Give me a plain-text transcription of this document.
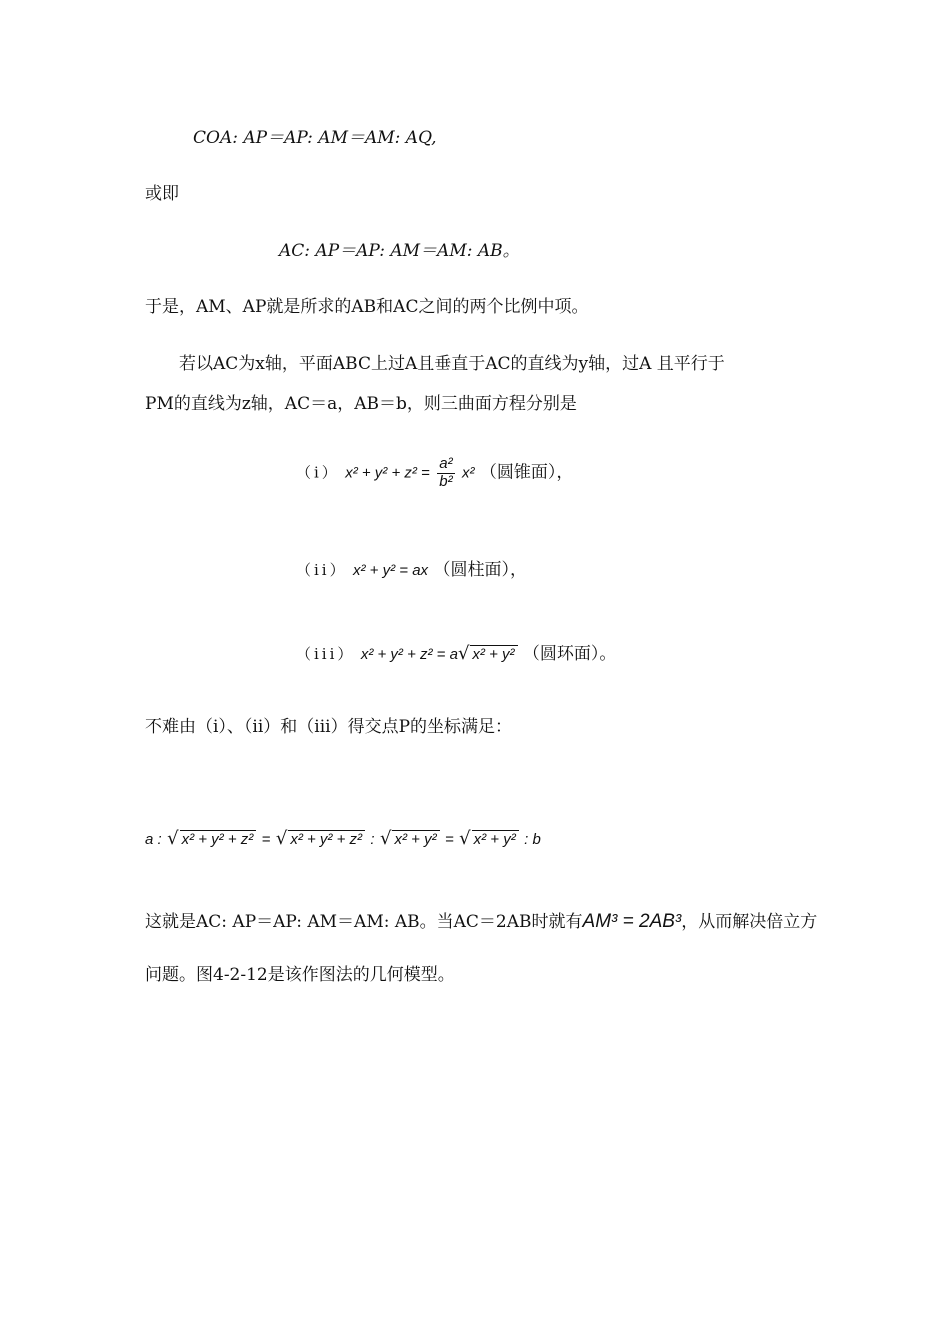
COA: AP＝AP: AM＝AM: AQ,
或即
AC: AP＝AP: AM＝AM: AB。
于是，AM、AP就是所求的AB和AC之间的两个比例中项。
若以AC为x轴，平面ABC上过A且垂直于AC的直线为y轴，过A 且平行于
PM的直线为z轴，AC＝a，AB＝b，则三曲面方程分别是
（i） $x^2 + y^2 + z^2 = \frac{\text{a²}}{\text{b²}} x^2$ （圆锥面），
（ii） x² + y² = ax （圆柱面），
（iii） x² + y² + z² = a√ x² + y² （圆环面）。
不难由（i）、（ii）和（iii）得交点P的坐标满足：
a : √ x² + y² + z² = √ x² + y² + z² : √ x² + y² = √ x² + y² : b
这就是AC: AP＝AP: AM＝AM: AB。当AC＝2AB时就有AM³ = 2AB³，从而解决倍立方
问题。图4-2-12是该作图法的几何模型。
